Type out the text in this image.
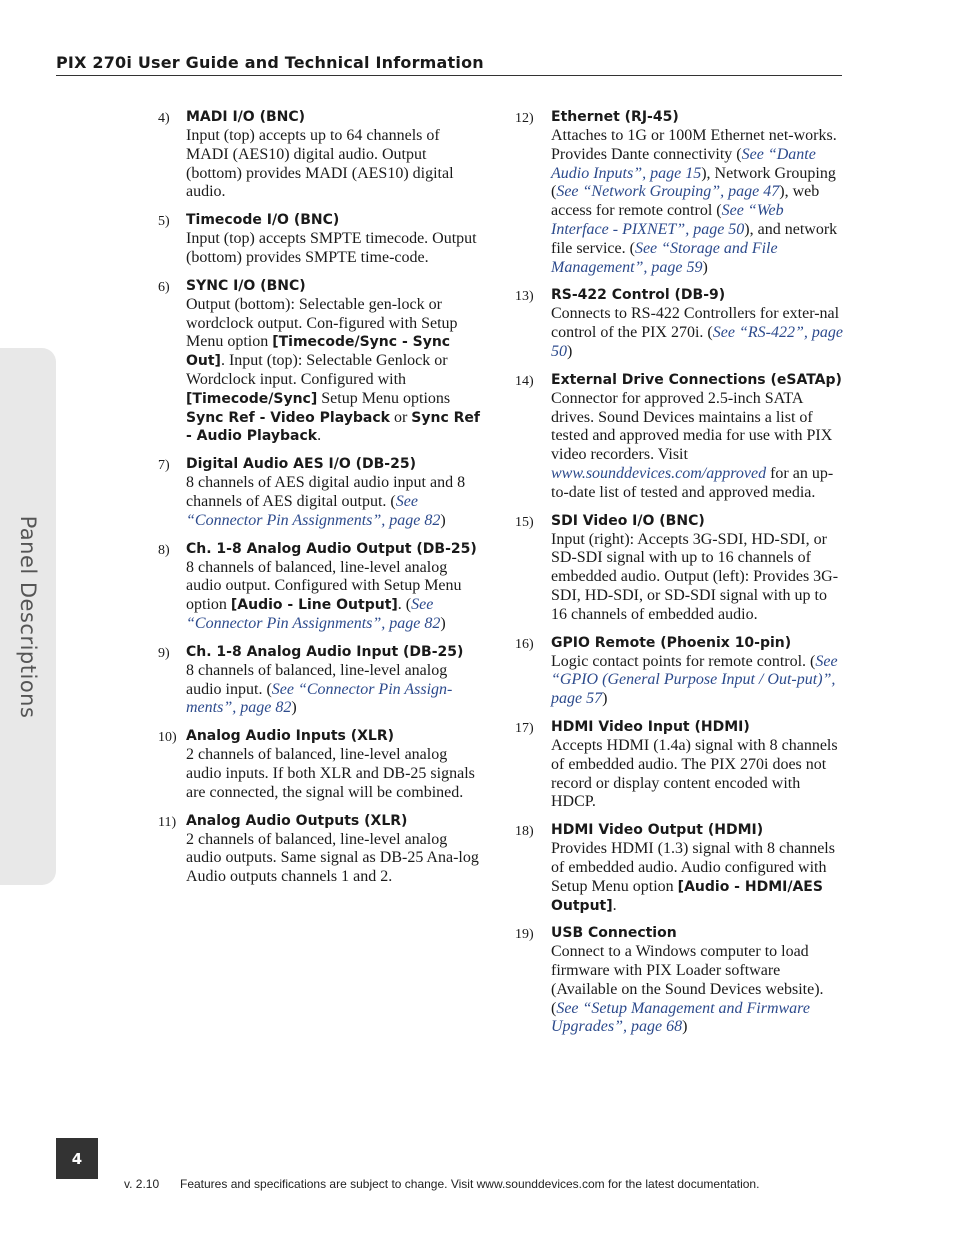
PIX 270i User Guide and Technical Information
Panel Descriptions
4)	MADI I/O (BNC)
Input (top) accepts up to 64 channels of MADI (AES10) digital audio. Output (bottom) provides MADI (AES10) digital audio.
5)	Timecode I/O (BNC)
Input (top) accepts SMPTE timecode. Output (bottom) provides SMPTE time-code.
6)	SYNC I/O (BNC)
Output (bottom): Selectable gen-lock or wordclock output. Con-figured with Setup Menu option [Timecode/Sync - Sync Out]. Input (top): Selectable Genlock or Wordclock input. Configured with [Timecode/Sync] Setup Menu options Sync Ref - Video Playback or Sync Ref - Audio Playback.
7)	Digital Audio AES I/O (DB-25)
8 channels of AES digital audio input and 8 channels of AES digital output. (See “Connector Pin Assignments”, page 82)
8)	Ch. 1-8 Analog Audio Output (DB-25)
8 channels of balanced, line-level analog audio output. Configured with Setup Menu option [Audio - Line Output]. (See “Connector Pin Assignments”, page 82)
9)	Ch. 1-8 Analog Audio Input (DB-25)
8 channels of balanced, line-level analog audio input. (See “Connector Pin Assign-ments”, page 82)
10) Analog Audio Inputs (XLR)
2 channels of balanced, line-level analog audio inputs. If both XLR and DB-25 signals are connected, the signal will be combined.
11) Analog Audio Outputs (XLR)
2 channels of balanced, line-level analog audio outputs. Same signal as DB-25 Ana-log Audio outputs channels 1 and 2.
12)	Ethernet (RJ-45)
Attaches to 1G or 100M Ethernet net-works. Provides Dante connectivity (See “Dante Audio Inputs”, page 15), Network Grouping (See “Network Grouping”, page 47), web access for remote control (See “Web Interface - PIXNET”, page 50), and network file service. (See “Storage and File Management”, page 59)
13)	RS-422 Control (DB-9)
Connects to RS-422 Controllers for exter-nal control of the PIX 270i. (See “RS-422”, page 50)
14)	External Drive Connections (eSATAp)
Connector for approved 2.5-inch SATA drives. Sound Devices maintains a list of tested and approved media for use with PIX video recorders. Visit www.sounddevices.com/approved for an up-to-date list of tested and approved media.
15)	SDI Video I/O (BNC)
Input (right): Accepts 3G-SDI, HD-SDI, or SD-SDI signal with up to 16 channels of embedded audio. Output (left): Provides 3G-SDI, HD-SDI, or SD-SDI signal with up to 16 channels of embedded audio.
16)	GPIO Remote (Phoenix 10-pin)
Logic contact points for remote control. (See “GPIO (General Purpose Input / Out-put)”, page 57)
17)	HDMI Video Input (HDMI)
Accepts HDMI (1.4a) signal with 8 channels of embedded audio. The PIX 270i does not record or display content encoded with HDCP.
18)	HDMI Video Output (HDMI)
Provides HDMI (1.3) signal with 8 channels of embedded audio. Audio configured with Setup Menu option [Audio - HDMI/AES Output].
19)	USB Connection
Connect to a Windows computer to load firmware with PIX Loader software (Available on the Sound Devices website). (See “Setup Management and Firmware Upgrades”, page 68)
4
v. 2.10 Features and specifications are subject to change. Visit www.sounddevices.com for the latest documentation.
